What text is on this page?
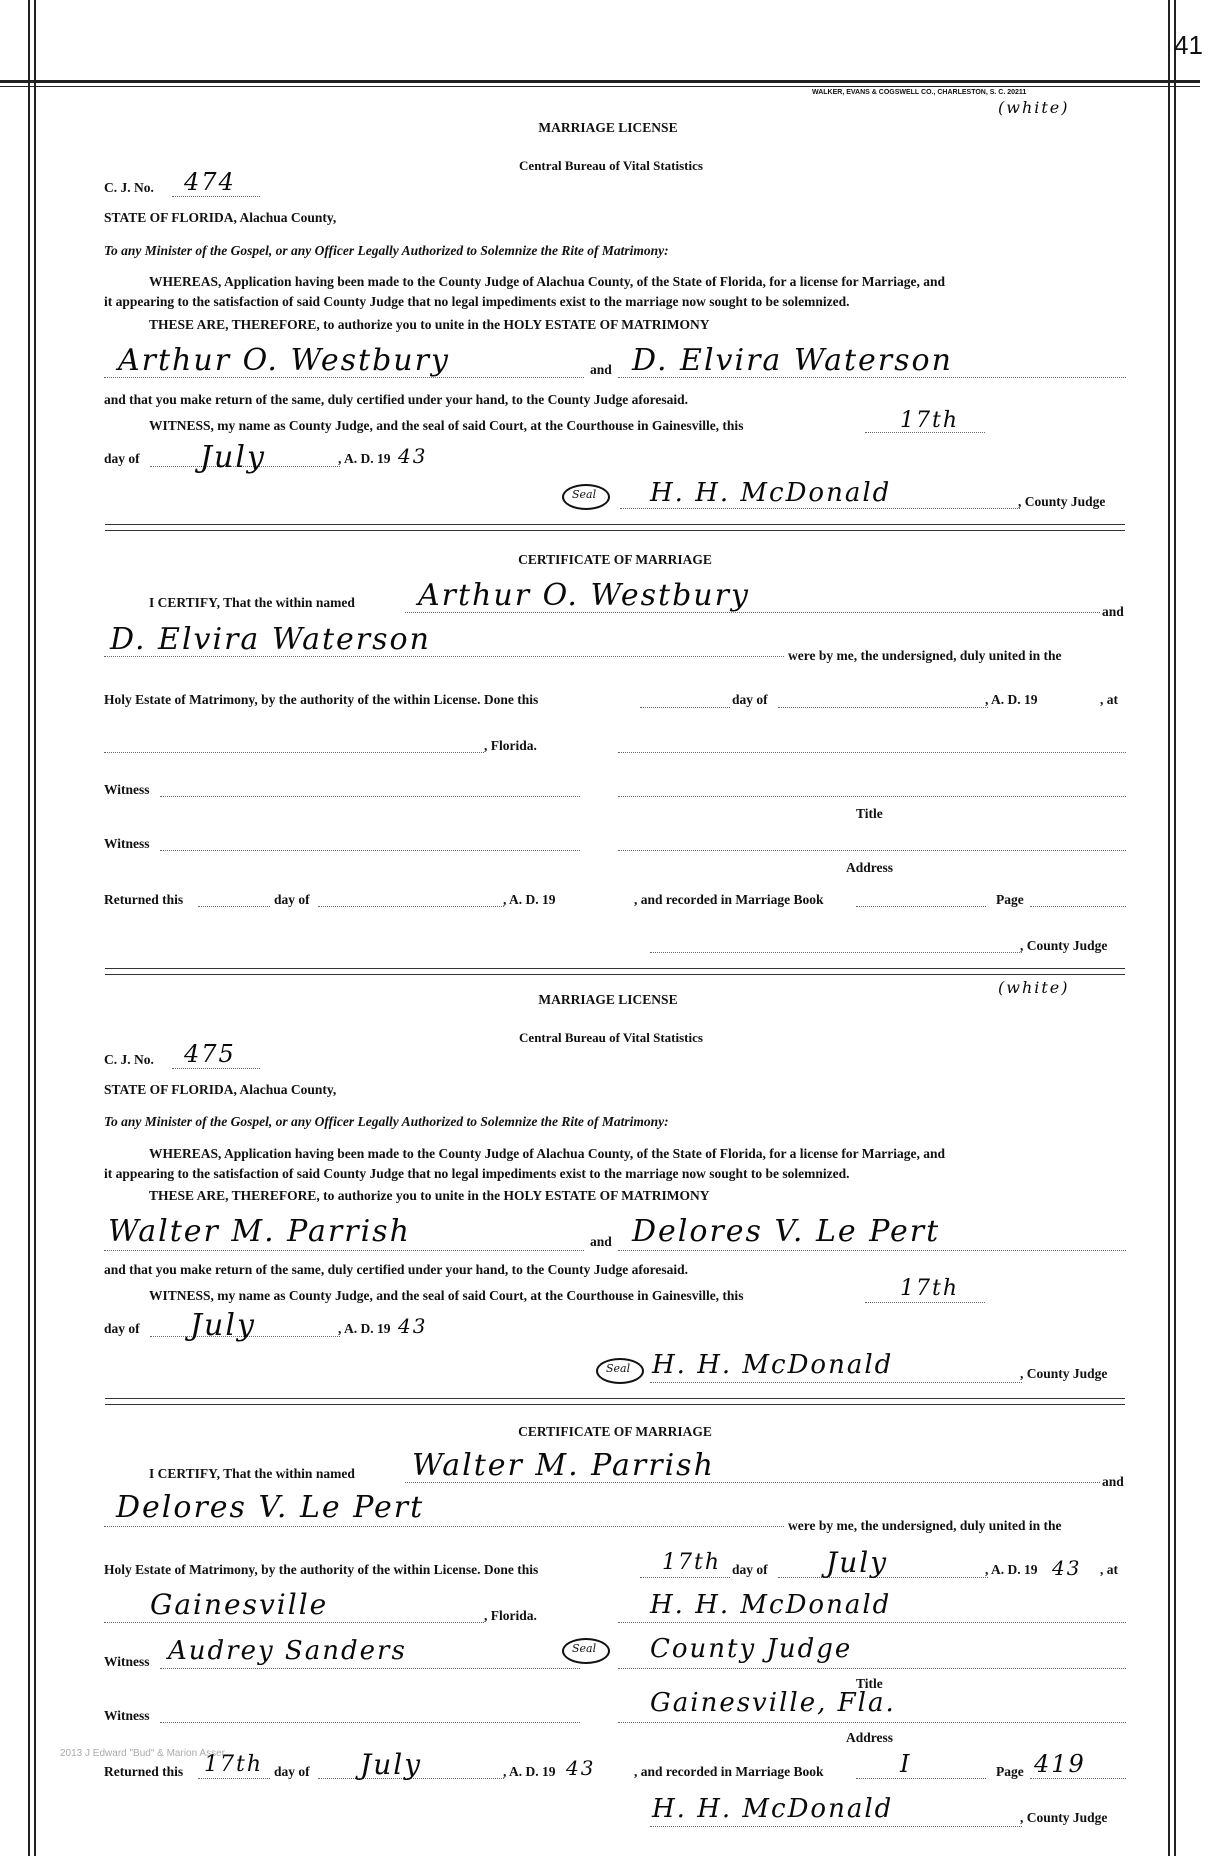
WALKER, EVANS & COGSWELL CO., CHARLESTON, S. C. 20211
41
(white)
MARRIAGE LICENSE
Central Bureau of Vital Statistics
C. J. No. 474
STATE OF FLORIDA, Alachua County,
To any Minister of the Gospel, or any Officer Legally Authorized to Solemnize the Rite of Matrimony:
WHEREAS, Application having been made to the County Judge of Alachua County, of the State of Florida, for a license for Marriage, and
it appearing to the satisfaction of said County Judge that no legal impediments exist to the marriage now sought to be solemnized.
THESE ARE, THEREFORE, to authorize you to unite in the HOLY ESTATE OF MATRIMONY
Arthur O. Westbury	and D. Elvira Waterson
and that you make return of the same, duly certified under your hand, to the County Judge aforesaid.
WITNESS, my name as County Judge, and the seal of said Court, at the Courthouse in Gainesville, this	17th
day of July	, A. D. 19 43
Seal H. H. McDonald	, County Judge
CERTIFICATE OF MARRIAGE
I CERTIFY, That the within named Arthur O. Westbury	and
D. Elvira Waterson	were by me, the undersigned, duly united in the
Holy Estate of Matrimony, by the authority of the within License. Done this	day of	, A. D. 19	, at
, Florida.
Witness
Title
Witness
Address
Returned this	day of	, A. D. 19	, and recorded in Marriage Book	Page
, County Judge
(white)
MARRIAGE LICENSE
Central Bureau of Vital Statistics
C. J. No. 475
STATE OF FLORIDA, Alachua County,
To any Minister of the Gospel, or any Officer Legally Authorized to Solemnize the Rite of Matrimony:
WHEREAS, Application having been made to the County Judge of Alachua County, of the State of Florida, for a license for Marriage, and
it appearing to the satisfaction of said County Judge that no legal impediments exist to the marriage now sought to be solemnized.
THESE ARE, THEREFORE, to authorize you to unite in the HOLY ESTATE OF MATRIMONY
Walter M. Parrish	and Delores V. Le Pert
and that you make return of the same, duly certified under your hand, to the County Judge aforesaid.
WITNESS, my name as County Judge, and the seal of said Court, at the Courthouse in Gainesville, this	17th
day of July	, A. D. 19 43
Seal H. H. McDonald	, County Judge
CERTIFICATE OF MARRIAGE
I CERTIFY, That the within named Walter M. Parrish	and
Delores V. Le Pert
were by me, the undersigned, duly united in the
Holy Estate of Matrimony, by the authority of the within License. Done this	17th day of July	, A. D. 19 43 , at
Gainesville	, Florida.	H. H. McDonald
Witness Audrey Sanders	Seal County Judge
Title
Witness	Gainesville, Fla.
Address
2013 J Edward "Bud" & Marion Asser
Returned this 17th day of July	, A. D. 19 43	, and recorded in Marriage Book	I	Page 419
H. H. McDonald	, County Judge
